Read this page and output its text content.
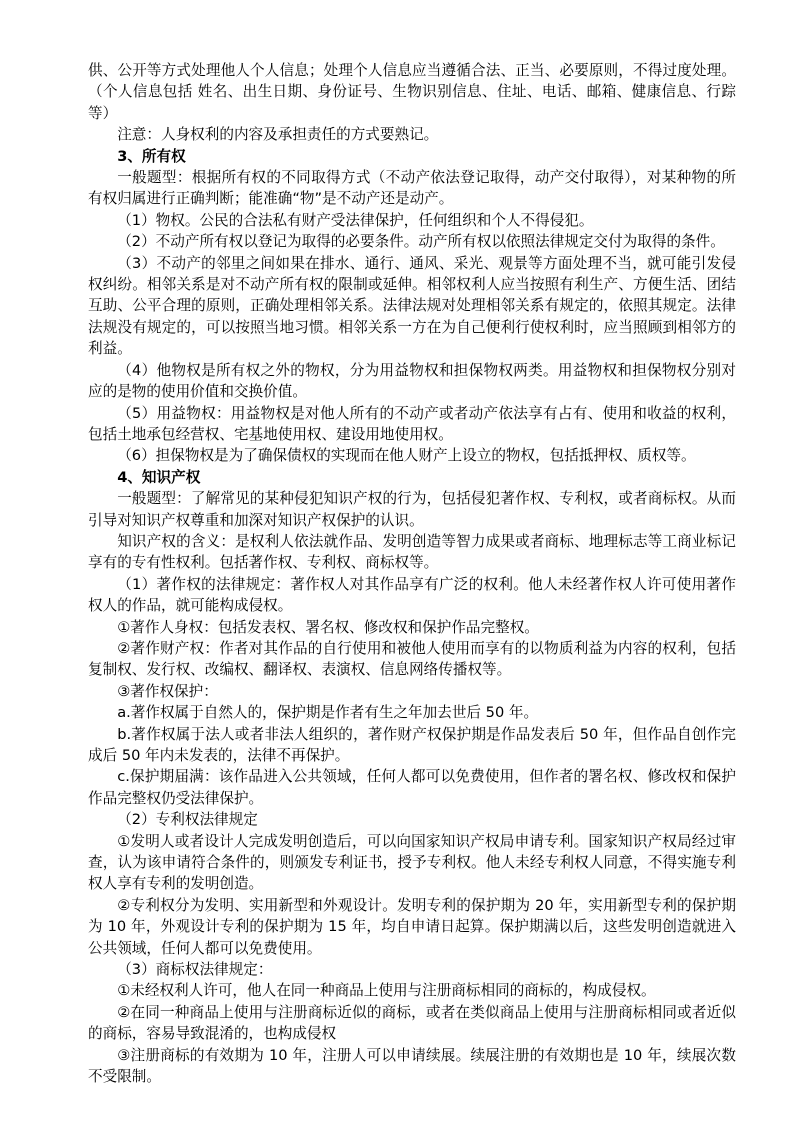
供、公开等方式处理他人个人信息；处理个人信息应当遵循合法、正当、必要原则，不得过度处理。（个人信息包括 姓名、出生日期、身份证号、生物识别信息、住址、电话、邮箱、健康信息、行踪等）

注意：人身权利的内容及承担责任的方式要熟记。

3、所有权

一般题型：根据所有权的不同取得方式（不动产依法登记取得，动产交付取得），对某种物的所有权归属进行正确判断；能准确“物”是不动产还是动产。

（1）物权。公民的合法私有财产受法律保护，任何组织和个人不得侵犯。

（2）不动产所有权以登记为取得的必要条件。动产所有权以依照法律规定交付为取得的条件。

（3）不动产的邻里之间如果在排水、通行、通风、采光、观景等方面处理不当，就可能引发侵权纠纷。相邻关系是对不动产所有权的限制或延伸。相邻权利人应当按照有利生产、方便生活、团结互助、公平合理的原则，正确处理相邻关系。法律法规对处理相邻关系有规定的，依照其规定。法律法规没有规定的，可以按照当地习惯。相邻关系一方在为自己便利行使权利时，应当照顾到相邻方的利益。

（4）他物权是所有权之外的物权，分为用益物权和担保物权两类。用益物权和担保物权分别对应的是物的使用价值和交换价值。

（5）用益物权：用益物权是对他人所有的不动产或者动产依法享有占有、使用和收益的权利，包括土地承包经营权、宅基地使用权、建设用地使用权。

（6）担保物权是为了确保债权的实现而在他人财产上设立的物权，包括抵押权、质权等。

4、知识产权

一般题型：了解常见的某种侵犯知识产权的行为，包括侵犯著作权、专利权，或者商标权。从而引导对知识产权尊重和加深对知识产权保护的认识。

知识产权的含义：是权利人依法就作品、发明创造等智力成果或者商标、地理标志等工商业标记享有的专有性权利。包括著作权、专利权、商标权等。

（1）著作权的法律规定：著作权人对其作品享有广泛的权利。他人未经著作权人许可使用著作权人的作品，就可能构成侵权。

①著作人身权：包括发表权、署名权、修改权和保护作品完整权。

②著作财产权：作者对其作品的自行使用和被他人使用而享有的以物质利益为内容的权利，包括复制权、发行权、改编权、翻译权、表演权、信息网络传播权等。

③著作权保护：

a.著作权属于自然人的，保护期是作者有生之年加去世后 50 年。

b.著作权属于法人或者非法人组织的，著作财产权保护期是作品发表后 50 年，但作品自创作完成后 50 年内未发表的，法律不再保护。

c.保护期届满：该作品进入公共领域，任何人都可以免费使用，但作者的署名权、修改权和保护作品完整权仍受法律保护。

（2）专利权法律规定

①发明人或者设计人完成发明创造后，可以向国家知识产权局申请专利。国家知识产权局经过审查，认为该申请符合条件的，则颁发专利证书，授予专利权。他人未经专利权人同意，不得实施专利权人享有专利的发明创造。

②专利权分为发明、实用新型和外观设计。发明专利的保护期为 20 年，实用新型专利的保护期为 10 年，外观设计专利的保护期为 15 年，均自申请日起算。保护期满以后，这些发明创造就进入公共领域，任何人都可以免费使用。

（3）商标权法律规定：

①未经权利人许可，他人在同一种商品上使用与注册商标相同的商标的，构成侵权。

②在同一种商品上使用与注册商标近似的商标，或者在类似商品上使用与注册商标相同或者近似的商标，容易导致混淆的，也构成侵权

③注册商标的有效期为 10 年，注册人可以申请续展。续展注册的有效期也是 10 年，续展次数不受限制。
